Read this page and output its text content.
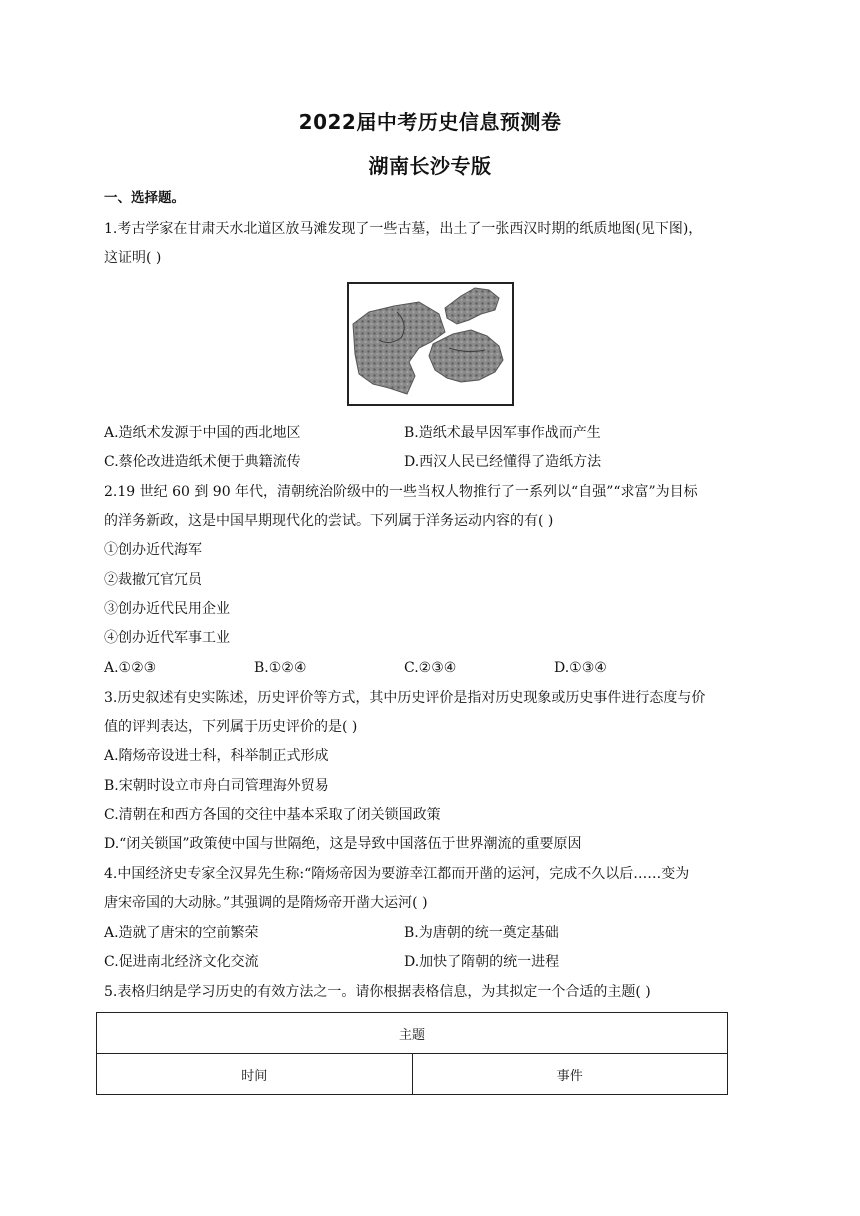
2022届中考历史信息预测卷
湖南长沙专版
一、选择题。
1.考古学家在甘肃天水北道区放马滩发现了一些古墓，出土了一张西汉时期的纸质地图(见下图)，
这证明( )
A.造纸术发源于中国的西北地区	B.造纸术最早因军事作战而产生
C.蔡伦改进造纸术便于典籍流传	D.西汉人民已经懂得了造纸方法
2.19 世纪 60 到 90 年代，清朝统治阶级中的一些当权人物推行了一系列以“自强”“求富”为目标
的洋务新政，这是中国早期现代化的尝试。下列属于洋务运动内容的有( )
①创办近代海军
②裁撤冗官冗员
③创办近代民用企业
④创办近代军事工业
A.①②③	B.①②④	C.②③④	D.①③④
3.历史叙述有史实陈述，历史评价等方式，其中历史评价是指对历史现象或历史事件进行态度与价
值的评判表达，下列属于历史评价的是( )
A.隋炀帝设进士科，科举制正式形成
B.宋朝时设立市舟白司管理海外贸易
C.清朝在和西方各国的交往中基本采取了闭关锁国政策
D.“闭关锁国”政策使中国与世隔绝，这是导致中国落伍于世界潮流的重要原因
4.中国经济史专家全汉昇先生称:“隋炀帝因为要游幸江都而开凿的运河，完成不久以后……变为
唐宋帝国的大动脉。”其强调的是隋炀帝开凿大运河( )
A.造就了唐宋的空前繁荣	B.为唐朝的统一奠定基础
C.促进南北经济文化交流	D.加快了隋朝的统一进程
5.表格归纳是学习历史的有效方法之一。请你根据表格信息，为其拟定一个合适的主题( )
主题
时间	事件
